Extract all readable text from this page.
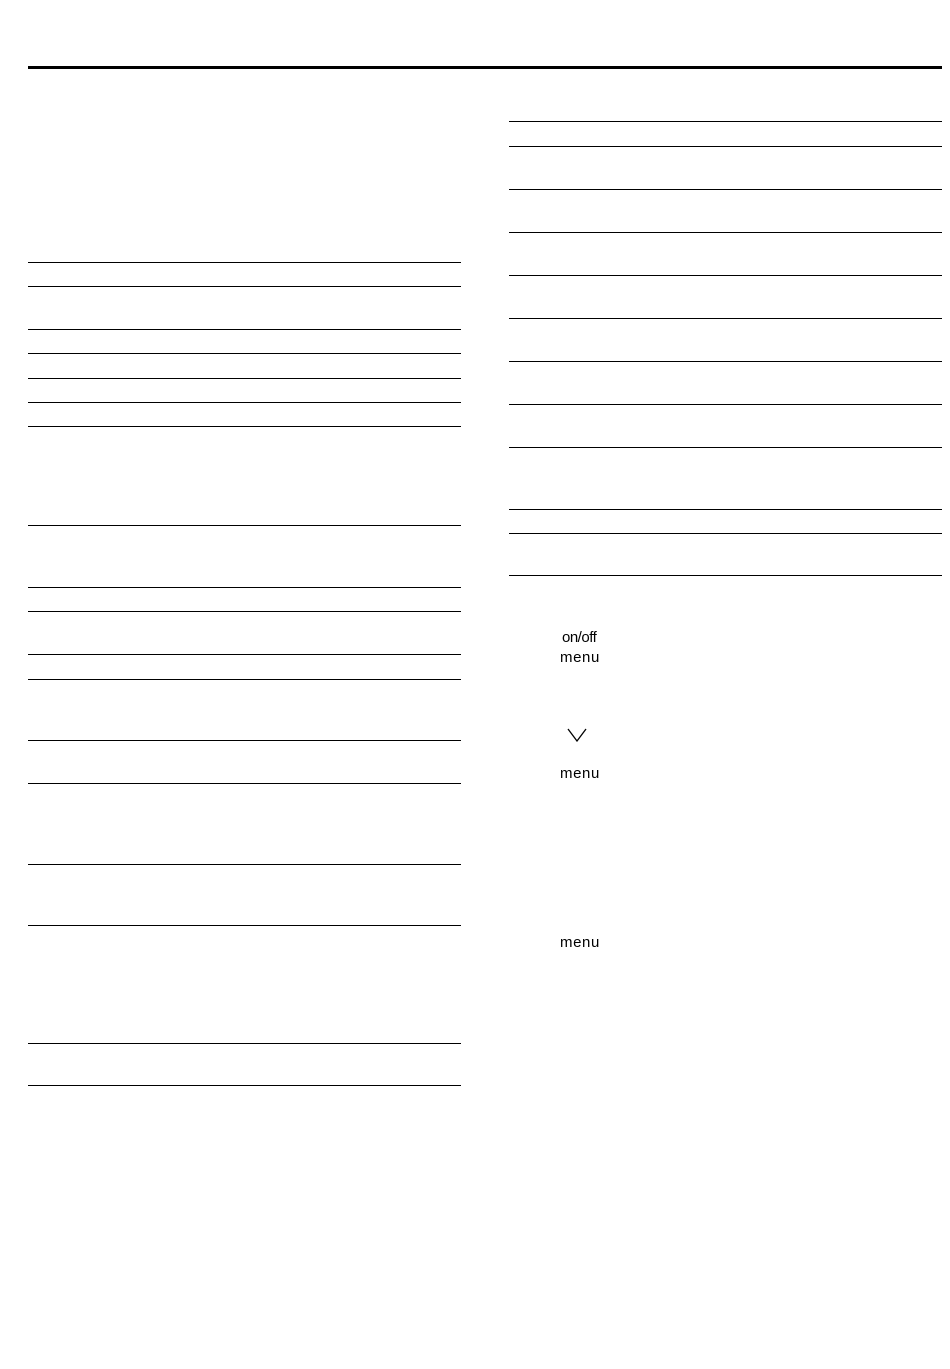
on/off
menu
menu
menu
